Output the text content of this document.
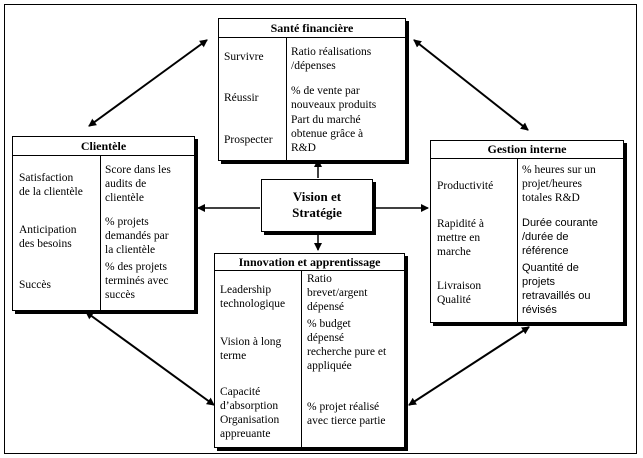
Santé financière
Survivre
Réussir
Prospecter
Ratio réalisations
/dépenses
% de vente par
nouveaux produits
Part du marché
obtenue grâce à
R&D
Clientèle
Satisfaction
de la clientèle
Anticipation
des besoins
Succès
Score dans les
audits de
clientèle
% projets
demandés par
la clientèle
% des projets
terminés avec
succès
Vision et
Stratégie
Gestion interne
Productivité
Rapidité à
mettre en
marche
Livraison
Qualité
% heures sur un
projet/heures
totales R&D
Durée courante
/durée de
référence
Quantité de
projets
retravaillés ou
révisés
Innovation et apprentissage
Leadership
technologique
Vision à long
terme
Capacité
d’absorption
Organisation
appreuante
Ratio
brevet/argent
dépensé
% budget
dépensé
recherche pure et
appliquée
% projet réalisé
avec tierce partie
